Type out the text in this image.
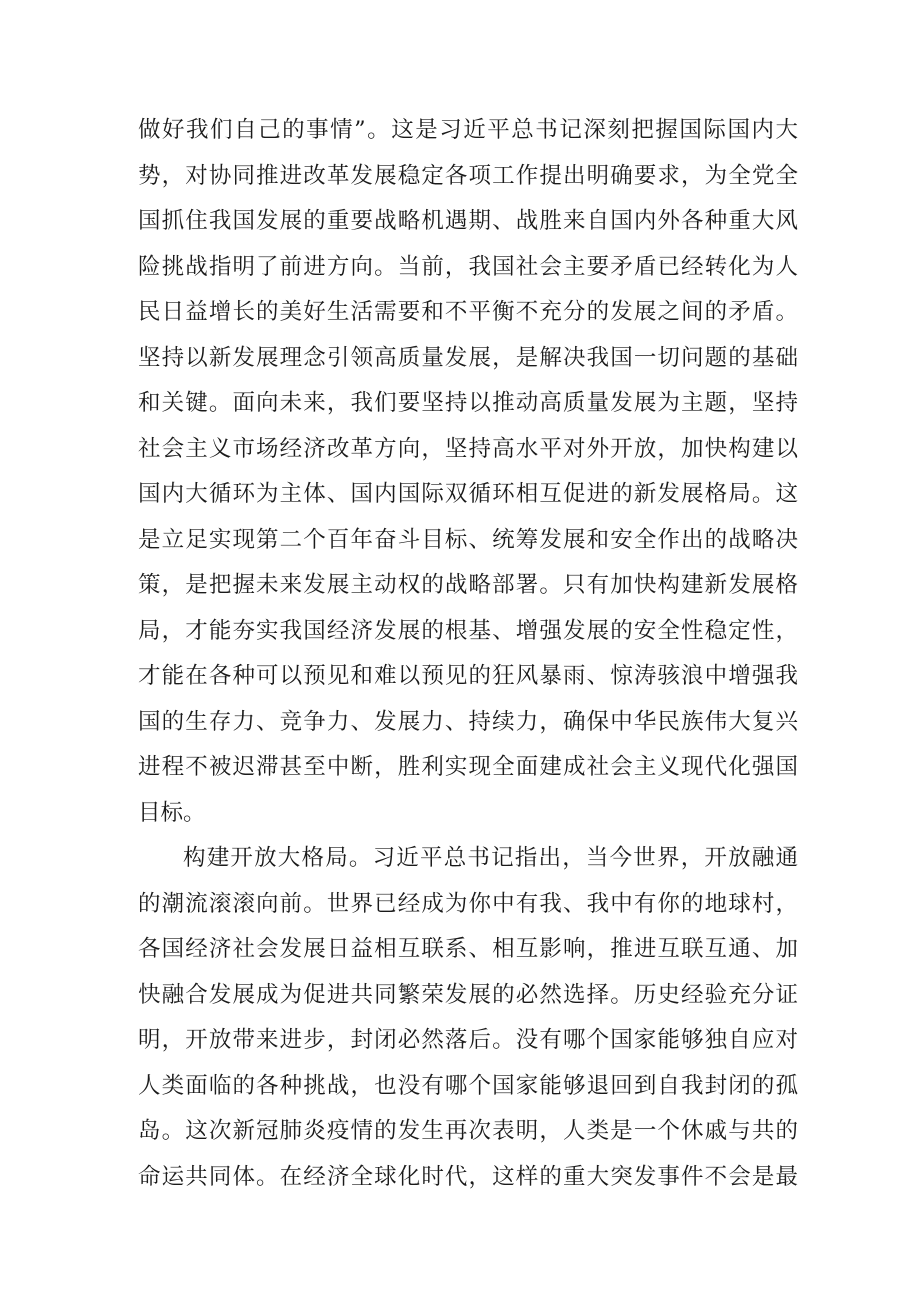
做好我们自己的事情”。这是习近平总书记深刻把握国际国内大
势，对协同推进改革发展稳定各项工作提出明确要求，为全党全
国抓住我国发展的重要战略机遇期、战胜来自国内外各种重大风
险挑战指明了前进方向。当前，我国社会主要矛盾已经转化为人
民日益增长的美好生活需要和不平衡不充分的发展之间的矛盾。
坚持以新发展理念引领高质量发展，是解决我国一切问题的基础
和关键。面向未来，我们要坚持以推动高质量发展为主题，坚持
社会主义市场经济改革方向，坚持高水平对外开放，加快构建以
国内大循环为主体、国内国际双循环相互促进的新发展格局。这
是立足实现第二个百年奋斗目标、统筹发展和安全作出的战略决
策，是把握未来发展主动权的战略部署。只有加快构建新发展格
局，才能夯实我国经济发展的根基、增强发展的安全性稳定性，
才能在各种可以预见和难以预见的狂风暴雨、惊涛骇浪中增强我
国的生存力、竞争力、发展力、持续力，确保中华民族伟大复兴
进程不被迟滞甚至中断，胜利实现全面建成社会主义现代化强国
目标。
构建开放大格局。习近平总书记指出，当今世界，开放融通
的潮流滚滚向前。世界已经成为你中有我、我中有你的地球村，
各国经济社会发展日益相互联系、相互影响，推进互联互通、加
快融合发展成为促进共同繁荣发展的必然选择。历史经验充分证
明，开放带来进步，封闭必然落后。没有哪个国家能够独自应对
人类面临的各种挑战，也没有哪个国家能够退回到自我封闭的孤
岛。这次新冠肺炎疫情的发生再次表明，人类是一个休戚与共的
命运共同体。在经济全球化时代，这样的重大突发事件不会是最
